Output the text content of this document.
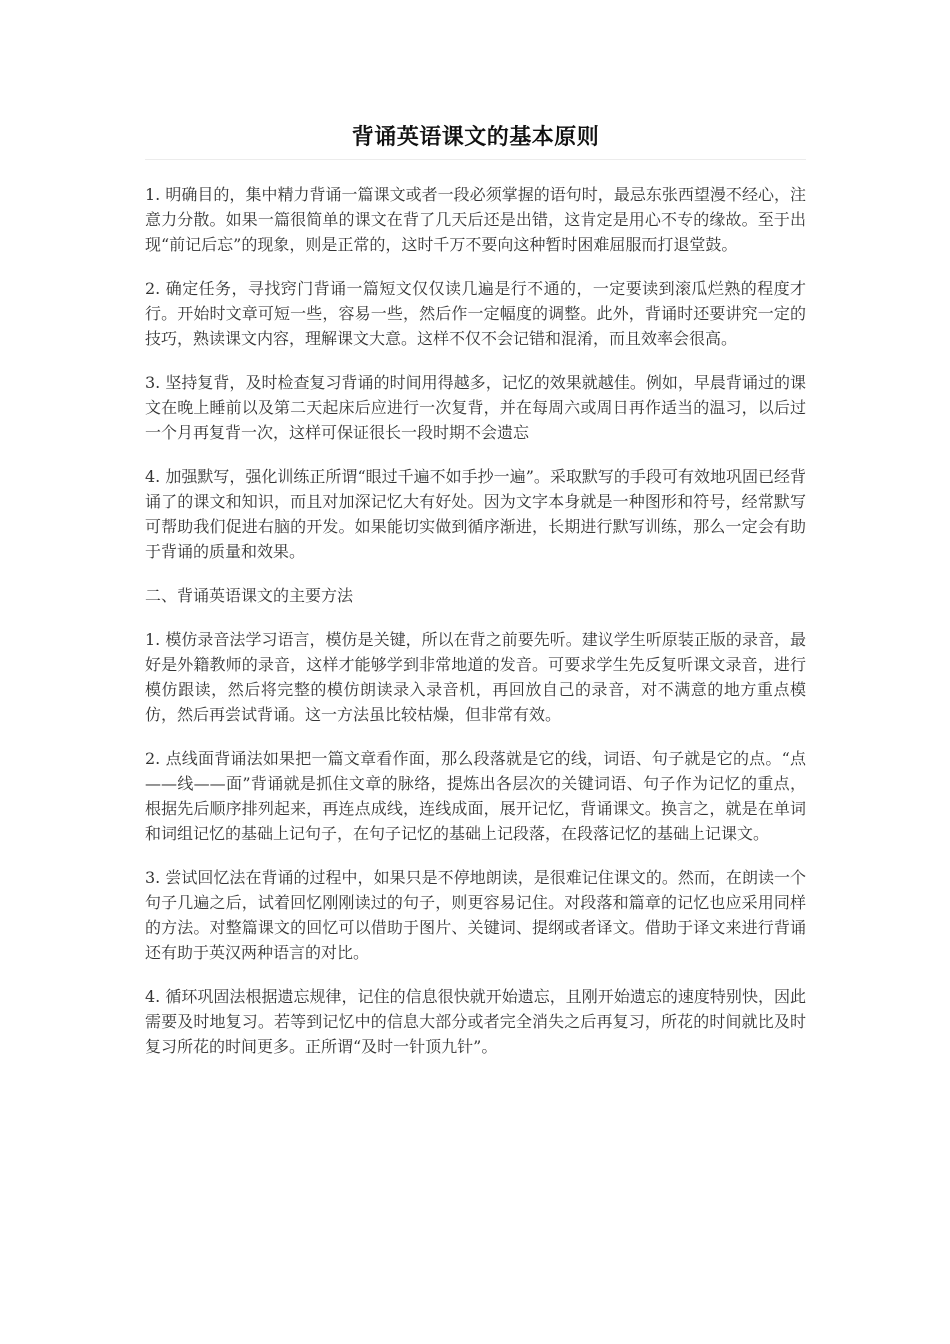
背诵英语课文的基本原则

1. 明确目的，集中精力背诵一篇课文或者一段必须掌握的语句时，最忌东张西望漫不经心，注意力分散。如果一篇很简单的课文在背了几天后还是出错，这肯定是用心不专的缘故。至于出现“前记后忘”的现象，则是正常的，这时千万不要向这种暂时困难屈服而打退堂鼓。

2. 确定任务，寻找窍门背诵一篇短文仅仅读几遍是行不通的，一定要读到滚瓜烂熟的程度才行。开始时文章可短一些，容易一些，然后作一定幅度的调整。此外，背诵时还要讲究一定的技巧，熟读课文内容，理解课文大意。这样不仅不会记错和混淆，而且效率会很高。

3. 坚持复背，及时检查复习背诵的时间用得越多，记忆的效果就越佳。例如，早晨背诵过的课文在晚上睡前以及第二天起床后应进行一次复背，并在每周六或周日再作适当的温习，以后过一个月再复背一次，这样可保证很长一段时期不会遗忘

4. 加强默写，强化训练正所谓“眼过千遍不如手抄一遍”。采取默写的手段可有效地巩固已经背诵了的课文和知识，而且对加深记忆大有好处。因为文字本身就是一种图形和符号，经常默写可帮助我们促进右脑的开发。如果能切实做到循序渐进，长期进行默写训练，那么一定会有助于背诵的质量和效果。

二、背诵英语课文的主要方法

1. 模仿录音法学习语言，模仿是关键，所以在背之前要先听。建议学生听原装正版的录音，最好是外籍教师的录音，这样才能够学到非常地道的发音。可要求学生先反复听课文录音，进行模仿跟读，然后将完整的模仿朗读录入录音机，再回放自己的录音，对不满意的地方重点模仿，然后再尝试背诵。这一方法虽比较枯燥，但非常有效。

2. 点线面背诵法如果把一篇文章看作面，那么段落就是它的线，词语、句子就是它的点。“点——线——面”背诵就是抓住文章的脉络，提炼出各层次的关键词语、句子作为记忆的重点，根据先后顺序排列起来，再连点成线，连线成面，展开记忆，背诵课文。换言之，就是在单词和词组记忆的基础上记句子，在句子记忆的基础上记段落，在段落记忆的基础上记课文。

3. 尝试回忆法在背诵的过程中，如果只是不停地朗读，是很难记住课文的。然而，在朗读一个句子几遍之后，试着回忆刚刚读过的句子，则更容易记住。对段落和篇章的记忆也应采用同样的方法。对整篇课文的回忆可以借助于图片、关键词、提纲或者译文。借助于译文来进行背诵还有助于英汉两种语言的对比。

4. 循环巩固法根据遗忘规律，记住的信息很快就开始遗忘，且刚开始遗忘的速度特别快，因此需要及时地复习。若等到记忆中的信息大部分或者完全消失之后再复习，所花的时间就比及时复习所花的时间更多。正所谓“及时一针顶九针”。
